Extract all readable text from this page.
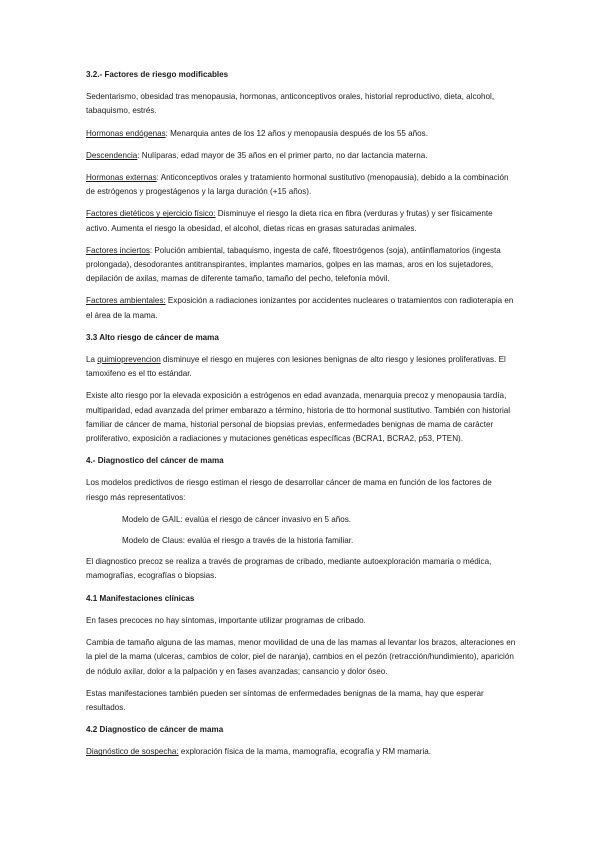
3.2.- Factores de riesgo modificables

Sedentarismo, obesidad tras menopausia, hormonas, anticonceptivos orales, historial reproductivo, dieta, alcohol, tabaquismo, estrés.

Hormonas endógenas: Menarquia antes de los 12 años y menopausia después de los 55 años.

Descendencia: Nulíparas, edad mayor de 35 años en el primer parto, no dar lactancia materna.

Hormonas externas: Anticonceptivos orales y tratamiento hormonal sustitutivo (menopausia), debido a la combinación de estrógenos y progestágenos y la larga duración (+15 años).

Factores dietéticos y ejercicio físico: Disminuye el riesgo la dieta rica en fibra (verduras y frutas) y ser físicamente activo. Aumenta el riesgo la obesidad, el alcohol, dietas ricas en grasas saturadas animales.

Factores inciertos: Polución ambiental, tabaquismo, ingesta de café, fitoestrógenos (soja), antiinflamatorios (ingesta prolongada), desodorantes antitranspirantes, implantes mamarios, golpes en las mamas, aros en los sujetadores, depilación de axilas, mamas de diferente tamaño, tamaño del pecho, telefonía móvil.

Factores ambientales: Exposición a radiaciones ionizantes por accidentes nucleares o tratamientos con radioterapia en el área de la mama.

3.3 Alto riesgo de cáncer de mama

La quimioprevencion disminuye el riesgo en mujeres con lesiones benignas de alto riesgo y lesiones proliferativas. El tamoxifeno es el tto estándar.

Existe alto riesgo por la elevada exposición a estrógenos en edad avanzada, menarquia precoz y menopausia tardía, multiparidad, edad avanzada del primer embarazo a término, historia de tto hormonal sustitutivo. También con historial familiar de cáncer de mama, historial personal de biopsias previas, enfermedades benignas de mama de carácter proliferativo, exposición a radiaciones y mutaciones genéticas específicas (BCRA1, BCRA2, p53, PTEN).

4.- Diagnostico del cáncer de mama

Los modelos predictivos de riesgo estiman el riesgo de desarrollar cáncer de mama en función de los factores de riesgo más representativos:

Modelo de GAIL: evalúa el riesgo de cáncer invasivo en 5 años.

Modelo de Claus: evalúa el riesgo a través de la historia familiar.

El diagnostico precoz se realiza a través de programas de cribado, mediante autoexploración mamaria o médica, mamografías, ecografías o biopsias.

4.1 Manifestaciones clínicas

En fases precoces no hay síntomas, importante utilizar programas de cribado.

Cambia de tamaño alguna de las mamas, menor movilidad de una de las mamas al levantar los brazos, alteraciones en la piel de la mama (ulceras, cambios de color, piel de naranja), cambios en el pezón (retracción/hundimiento), aparición de nódulo axilar, dolor a la palpación y en fases avanzadas; cansancio y dolor óseo.

Estas manifestaciones también pueden ser síntomas de enfermedades benignas de la mama, hay que esperar resultados.

4.2 Diagnostico de cáncer de mama

Diagnóstico de sospecha: exploración física de la mama, mamografía, ecografía y RM mamaria.
